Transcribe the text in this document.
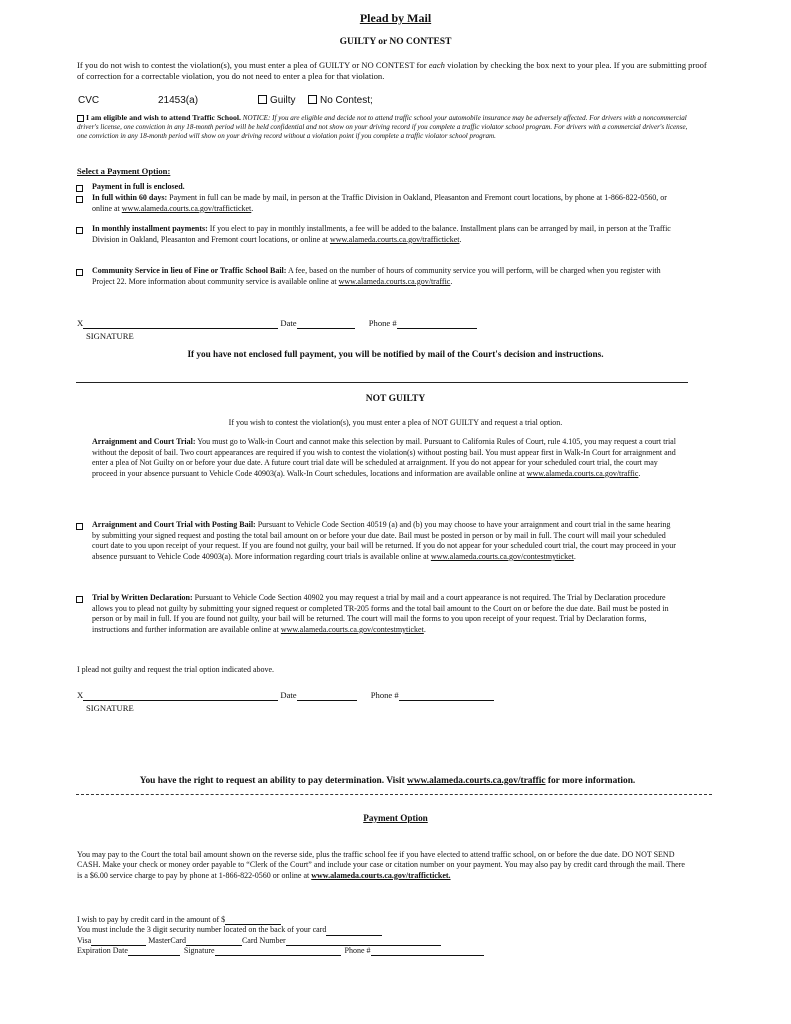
Plead by Mail
GUILTY or NO CONTEST
If you do not wish to contest the violation(s), you must enter a plea of GUILTY or NO CONTEST for each violation by checking the box next to your plea. If you are submitting proof of correction for a correctable violation, you do not need to enter a plea for that violation.
CVC	21453(a)	Guilty	No Contest;
I am eligible and wish to attend Traffic School. NOTICE: If you are eligible and decide not to attend traffic school your automobile insurance may be adversely affected. For drivers with a noncommercial driver's license, one conviction in any 18-month period will be held confidential and not show on your driving record if you complete a traffic violator school program. For drivers with a commercial driver's license, one conviction in any 18-month period will show on your driving record without a violation point if you complete a traffic violator school program.
Select a Payment Option:
Payment in full is enclosed.
In full within 60 days: Payment in full can be made by mail, in person at the Traffic Division in Oakland, Pleasanton and Fremont court locations, by phone at 1-866-822-0560, or online at www.alameda.courts.ca.gov/trafficticket.
In monthly installment payments: If you elect to pay in monthly installments, a fee will be added to the balance. Installment plans can be arranged by mail, in person at the Traffic Division in Oakland, Pleasanton and Fremont court locations, or online at www.alameda.courts.ca.gov/trafficticket.
Community Service in lieu of Fine or Traffic School Bail: A fee, based on the number of hours of community service you will perform, will be charged when you register with Project 22. More information about community service is available online at www.alameda.courts.ca.gov/traffic.
X	Date	Phone #
SIGNATURE
If you have not enclosed full payment, you will be notified by mail of the Court's decision and instructions.
NOT GUILTY
If you wish to contest the violation(s), you must enter a plea of NOT GUILTY and request a trial option.
Arraignment and Court Trial: You must go to Walk-in Court and cannot make this selection by mail. Pursuant to California Rules of Court, rule 4.105, you may request a court trial without the deposit of bail. Two court appearances are required if you wish to contest the violation(s) without posting bail. You must appear first in Walk-In Court for arraignment and enter a plea of Not Guilty on or before your due date. A future court trial date will be scheduled at arraignment. If you do not appear for your scheduled court trial, the court may proceed in your absence pursuant to Vehicle Code 40903(a). Walk-In Court schedules, locations and information are available online at www.alameda.courts.ca.gov/traffic.
Arraignment and Court Trial with Posting Bail: Pursuant to Vehicle Code Section 40519 (a) and (b) you may choose to have your arraignment and court trial in the same hearing by submitting your signed request and posting the total bail amount on or before your due date. Bail must be posted in person or by mail in full. The court will mail your scheduled court date to you upon receipt of your request. If you are found not guilty, your bail will be returned. If you do not appear for your scheduled court trial, the court may proceed in your absence pursuant to Vehicle Code 40903(a). More information regarding court trials is available online at www.alameda.courts.ca.gov/contestmyticket.
Trial by Written Declaration: Pursuant to Vehicle Code Section 40902 you may request a trial by mail and a court appearance is not required. The Trial by Declaration procedure allows you to plead not guilty by submitting your signed request or completed TR-205 forms and the total bail amount to the Court on or before the due date. Bail must be posted in person or by mail in full. If you are found not guilty, your bail will be returned. The court will mail the forms to you upon receipt of your request. Trial by Declaration forms, instructions and further information are available online at www.alameda.courts.ca.gov/contestmyticket.
I plead not guilty and request the trial option indicated above.
X	Date	Phone #
SIGNATURE
You have the right to request an ability to pay determination. Visit www.alameda.courts.ca.gov/traffic for more information.
Payment Option
You may pay to the Court the total bail amount shown on the reverse side, plus the traffic school fee if you have elected to attend traffic school, on or before the due date. DO NOT SEND CASH. Make your check or money order payable to “Clerk of the Court” and include your case or citation number on your payment. You may also pay by credit card through the mail. There is a $6.00 service charge to pay by phone at 1-866-822-0560 or online at www.alameda.courts.ca.gov/trafficticket.
I wish to pay by credit card in the amount of $
You must include the 3 digit security number located on the back of your card
Visa	MasterCard	Card Number
Expiration Date	Signature	Phone #
